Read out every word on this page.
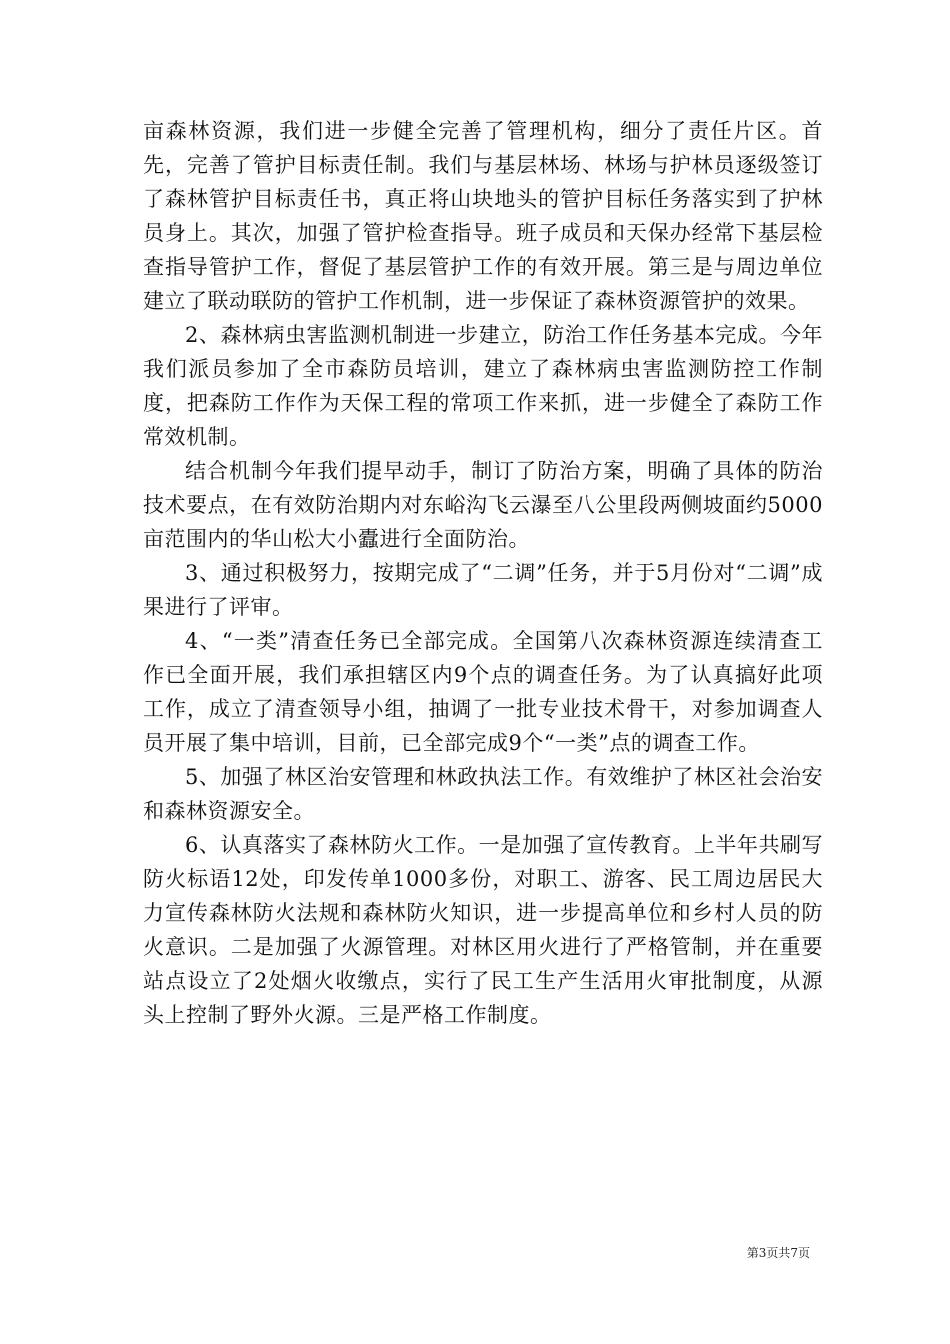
亩森林资源，我们进一步健全完善了管理机构，细分了责任片区。首先，完善了管护目标责任制。我们与基层林场、林场与护林员逐级签订了森林管护目标责任书，真正将山块地头的管护目标任务落实到了护林员身上。其次，加强了管护检查指导。班子成员和天保办经常下基层检查指导管护工作，督促了基层管护工作的有效开展。第三是与周边单位建立了联动联防的管护工作机制，进一步保证了森林资源管护的效果。

2、森林病虫害监测机制进一步建立，防治工作任务基本完成。今年我们派员参加了全市森防员培训，建立了森林病虫害监测防控工作制度，把森防工作作为天保工程的常项工作来抓，进一步健全了森防工作常效机制。

结合机制今年我们提早动手，制订了防治方案，明确了具体的防治技术要点，在有效防治期内对东峪沟飞云瀑至八公里段两侧坡面约5000亩范围内的华山松大小蠹进行全面防治。

3、通过积极努力，按期完成了“二调”任务，并于5月份对“二调”成果进行了评审。

4、“一类”清查任务已全部完成。全国第八次森林资源连续清查工作已全面开展，我们承担辖区内9个点的调查任务。为了认真搞好此项工作，成立了清查领导小组，抽调了一批专业技术骨干，对参加调查人员开展了集中培训，目前，已全部完成9个“一类”点的调查工作。

5、加强了林区治安管理和林政执法工作。有效维护了林区社会治安和森林资源安全。

6、认真落实了森林防火工作。一是加强了宣传教育。上半年共刷写防火标语12处，印发传单1000多份，对职工、游客、民工周边居民大力宣传森林防火法规和森林防火知识，进一步提高单位和乡村人员的防火意识。二是加强了火源管理。对林区用火进行了严格管制，并在重要站点设立了2处烟火收缴点，实行了民工生产生活用火审批制度，从源头上控制了野外火源。三是严格工作制度。

第3页共7页
